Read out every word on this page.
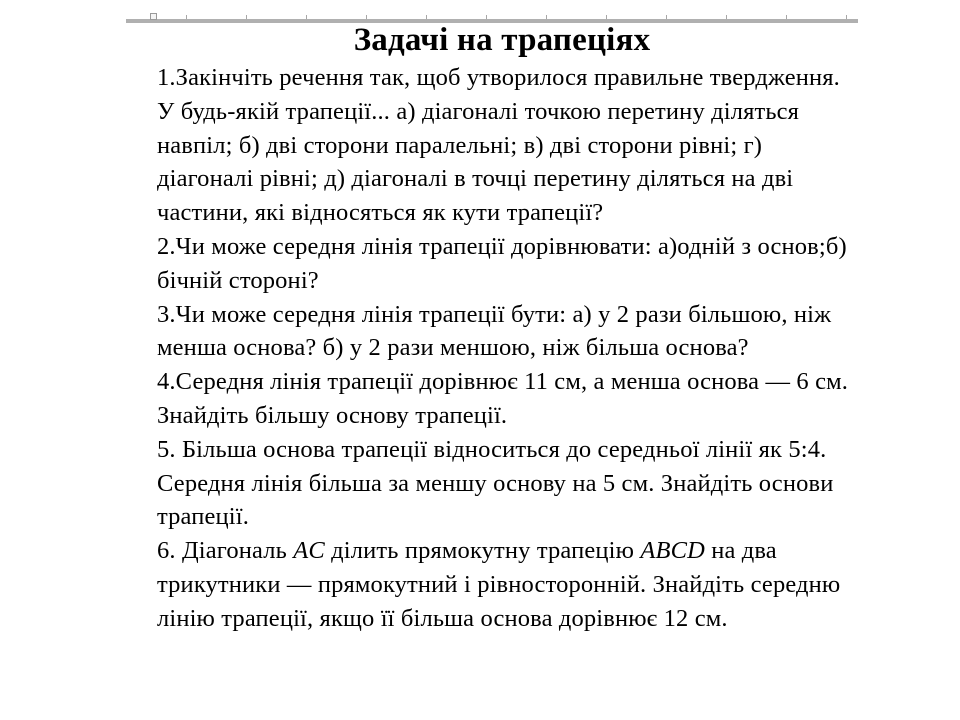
Задачі на трапеціях

1.Закінчіть речення так, щоб утворилося правильне твердження. У будь-якій трапеції... а) діагоналі точкою перетину діляться навпіл; б) дві сторони паралельні; в) дві сторони рівні; г) діагоналі рівні; д) діагоналі в точці перетину діляться на дві частини, які відносяться як кути трапеції?

2.Чи може середня лінія трапеції дорівнювати: а)одній з основ;б) бічній стороні?

3.Чи може середня лінія трапеції бути: а) у 2 рази більшою, ніж менша основа? б) у 2 рази меншою, ніж більша основа?

4.Середня лінія трапеції дорівнює 11 см, а менша основа — 6 см. Знайдіть більшу основу трапеції.

5. Більша основа трапеції відноситься до середньої лінії як 5:4. Середня лінія більша за меншу основу на 5 см. Знайдіть основи трапеції.

6. Діагональ AC ділить прямокутну трапецію ABCD на два трикутники — прямокутний і рівносторонній. Знайдіть середню лінію трапеції, якщо її більша основа дорівнює 12 см.
